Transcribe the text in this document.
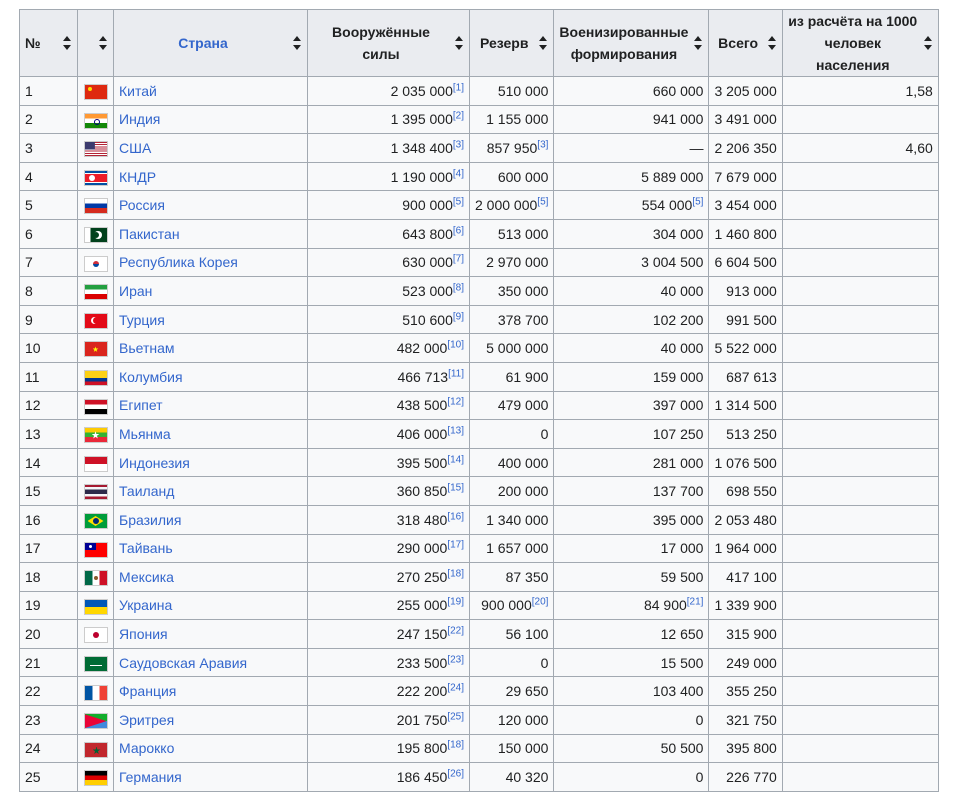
№		Страна	Вооружённые силы	Резерв	Военизированные
формирования	Всего	из расчёта на 1000
человек населения

1		Китай	2 035 000[1]	510 000	660 000	3 205 000	1,58
2		Индия	1 395 000[2]	1 155 000	941 000	3 491 000	
3		США	1 348 400[3]	857 950[3]	—	2 206 350	4,60
4		КНДР	1 190 000[4]	600 000	5 889 000	7 679 000	
5		Россия	900 000[5]	2 000 000[5]	554 000[5]	3 454 000	
6		Пакистан	643 800[6]	513 000	304 000	1 460 800	
7		Республика Корея	630 000[7]	2 970 000	3 004 500	6 604 500	
8		Иран	523 000[8]	350 000	40 000	913 000	
9		Турция	510 600[9]	378 700	102 200	991 500	
10		Вьетнам	482 000[10]	5 000 000	40 000	5 522 000	
11		Колумбия	466 713[11]	61 900	159 000	687 613	
12		Египет	438 500[12]	479 000	397 000	1 314 500	
13		Мьянма	406 000[13]	0	107 250	513 250	
14		Индонезия	395 500[14]	400 000	281 000	1 076 500	
15		Таиланд	360 850[15]	200 000	137 700	698 550	
16		Бразилия	318 480[16]	1 340 000	395 000	2 053 480	
17		Тайвань	290 000[17]	1 657 000	17 000	1 964 000	
18		Мексика	270 250[18]	87 350	59 500	417 100	
19		Украина	255 000[19]	900 000[20]	84 900[21]	1 339 900	
20		Япония	247 150[22]	56 100	12 650	315 900	
21		Саудовская Аравия	233 500[23]	0	15 500	249 000	
22		Франция	222 200[24]	29 650	103 400	355 250	
23		Эритрея	201 750[25]	120 000	0	321 750	
24		Марокко	195 800[18]	150 000	50 500	395 800	
25		Германия	186 450[26]	40 320	0	226 770	
